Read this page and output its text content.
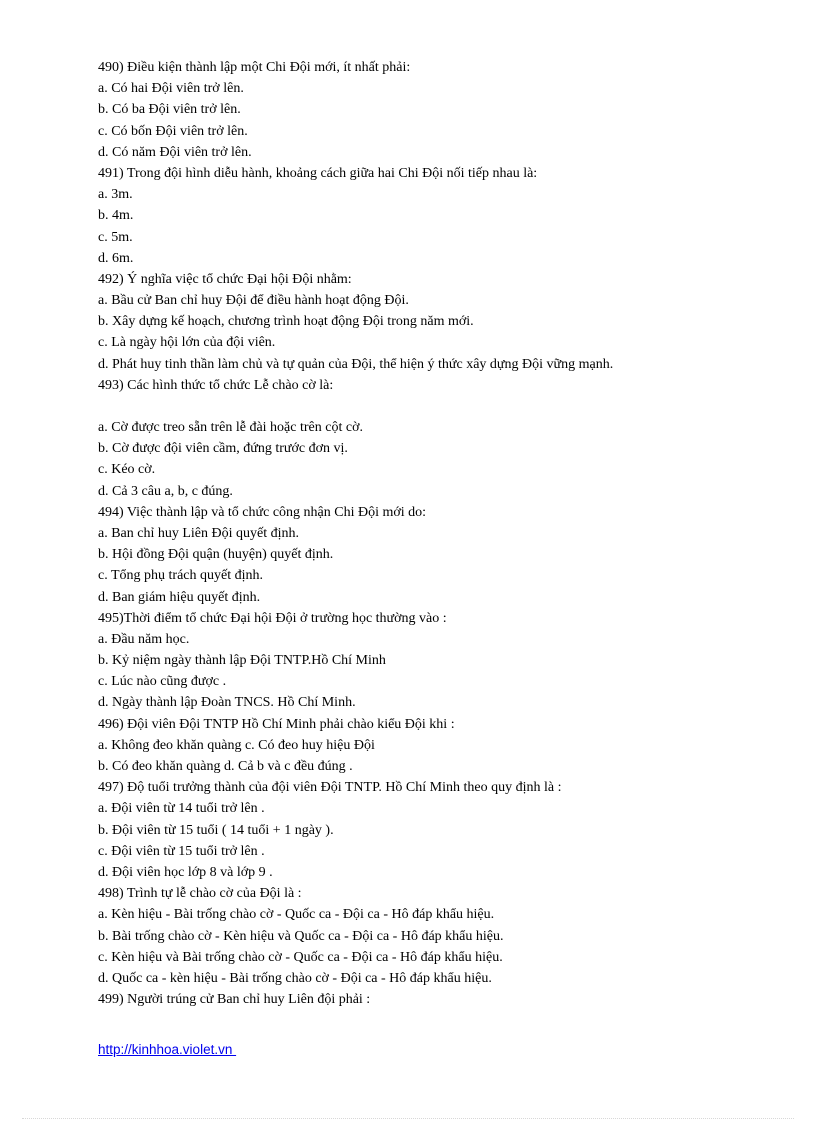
490) Điều kiện thành lập một Chi Đội mới, ít nhất phải:
a. Có hai Đội viên trở lên.
b. Có ba Đội viên trở lên.
c. Có bốn Đội viên trở lên.
d. Có năm Đội viên trở lên.
491) Trong đội hình diễu hành, khoảng cách giữa hai Chi Đội nối tiếp nhau là:
a. 3m.
b. 4m.
c. 5m.
d. 6m.
492) Ý nghĩa việc tổ chức Đại hội Đội nhằm:
a. Bầu cử Ban chỉ huy Đội để điều hành hoạt động Đội.
b. Xây dựng kế hoạch, chương trình hoạt động Đội trong năm mới.
c. Là ngày hội lớn của đội viên.
d. Phát huy tinh thần làm chủ và tự quản của Đội, thể hiện ý thức xây dựng Đội vững mạnh.
493) Các hình thức tổ chức Lễ chào cờ là:
a. Cờ được treo sẵn trên lễ đài hoặc trên cột cờ.
b. Cờ được đội viên cầm, đứng trước đơn vị.
c. Kéo cờ.
d. Cả 3 câu a, b, c đúng.
494) Việc thành lập và tổ chức công nhận Chi Đội mới do:
a. Ban chỉ huy Liên Đội quyết định.
b. Hội đồng Đội quận (huyện) quyết định.
c. Tổng phụ trách quyết định.
d. Ban giám hiệu quyết định.
495)Thời điểm tổ chức Đại hội Đội ở trường học thường vào :
a. Đầu năm học.
b. Kỷ niệm ngày thành lập Đội TNTP.Hồ Chí Minh
c. Lúc nào cũng được .
d. Ngày thành lập Đoàn TNCS. Hồ Chí Minh.
496) Đội viên Đội TNTP Hồ Chí Minh phải chào kiểu Đội khi :
a. Không đeo khăn quàng c. Có đeo huy hiệu Đội
b. Có đeo khăn quàng d. Cả b và c đều đúng .
497) Độ tuổi trưởng thành của đội viên Đội TNTP. Hồ Chí Minh theo quy định là :
a. Đội viên từ 14 tuổi trở lên .
b. Đội viên từ 15 tuổi ( 14 tuổi + 1 ngày ).
c. Đội viên từ 15 tuổi trở lên .
d. Đội viên học lớp 8 và lớp 9 .
498) Trình tự lễ chào cờ của Đội là :
a. Kèn hiệu - Bài trống chào cờ - Quốc ca - Đội ca - Hô đáp khẩu hiệu.
b. Bài trống chào cờ - Kèn hiệu và Quốc ca - Đội ca - Hô đáp khẩu hiệu.
c. Kèn hiệu và Bài trống chào cờ - Quốc ca - Đội ca - Hô đáp khẩu hiệu.
d. Quốc ca - kèn hiệu - Bài trống chào cờ - Đội ca - Hô đáp khẩu hiệu.
499) Người trúng cử Ban chỉ huy Liên đội phải :
http://kinhhoa.violet.vn
